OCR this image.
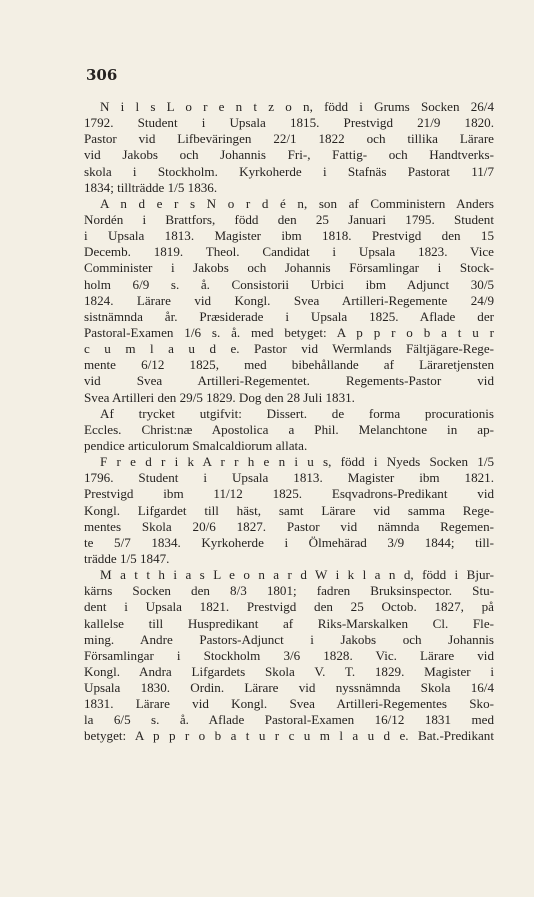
306
N i l s L o r e n t z o n, född i Grums Socken 26/4
1792. Student i Upsala 1815. Prestvigd 21/9 1820.
Pastor vid Lifbeväringen 22/1 1822 och tillika Lärare
vid Jakobs och Johannis Fri-, Fattig- och Handtverks-
skola i Stockholm. Kyrkoherde i Stafnäs Pastorat 11/7
1834; tillträdde 1/5 1836.
A n d e r s N o r d é n, son af Comministern Anders
Nordén i Brattfors, född den 25 Januari 1795. Student
i Upsala 1813. Magister ibm 1818. Prestvigd den 15
Decemb. 1819. Theol. Candidat i Upsala 1823. Vice
Comminister i Jakobs och Johannis Församlingar i Stock-
holm 6/9 s. å. Consistorii Urbici ibm Adjunct 30/5
1824. Lärare vid Kongl. Svea Artilleri-Regemente 24/9
sistnämnda år. Præsiderade i Upsala 1825. Aflade der
Pastoral-Examen 1/6 s. å. med betyget: A p p r o b a t u r
c u m l a u d e. Pastor vid Wermlands Fältjägare-Rege-
mente 6/12 1825, med bibehållande af Läraretjensten
vid Svea Artilleri-Regementet. Regements-Pastor vid
Svea Artilleri den 29/5 1829. Dog den 28 Juli 1831.
Af trycket utgifvit: Dissert. de forma procurationis
Eccles. Christ:næ Apostolica a Phil. Melanchtone in ap-
pendice articulorum Smalcaldiorum allata.
F r e d r i k A r r h e n i u s, född i Nyeds Socken 1/5
1796. Student i Upsala 1813. Magister ibm 1821.
Prestvigd ibm 11/12 1825. Esqvadrons-Predikant vid
Kongl. Lifgardet till häst, samt Lärare vid samma Rege-
mentes Skola 20/6 1827. Pastor vid nämnda Regemen-
te 5/7 1834. Kyrkoherde i Ölmehärad 3/9 1844; till-
trädde 1/5 1847.
M a t t h i a s L e o n a r d W i k l a n d, född i Bjur-
kärns Socken den 8/3 1801; fadren Bruksinspector. Stu-
dent i Upsala 1821. Prestvigd den 25 Octob. 1827, på
kallelse till Huspredikant af Riks-Marskalken Cl. Fle-
ming. Andre Pastors-Adjunct i Jakobs och Johannis
Församlingar i Stockholm 3/6 1828. Vic. Lärare vid
Kongl. Andra Lifgardets Skola V. T. 1829. Magister i
Upsala 1830. Ordin. Lärare vid nyssnämnda Skola 16/4
1831. Lärare vid Kongl. Svea Artilleri-Regementes Sko-
la 6/5 s. å. Aflade Pastoral-Examen 16/12 1831 med
betyget: A p p r o b a t u r c u m l a u d e. Bat.-Predikant
